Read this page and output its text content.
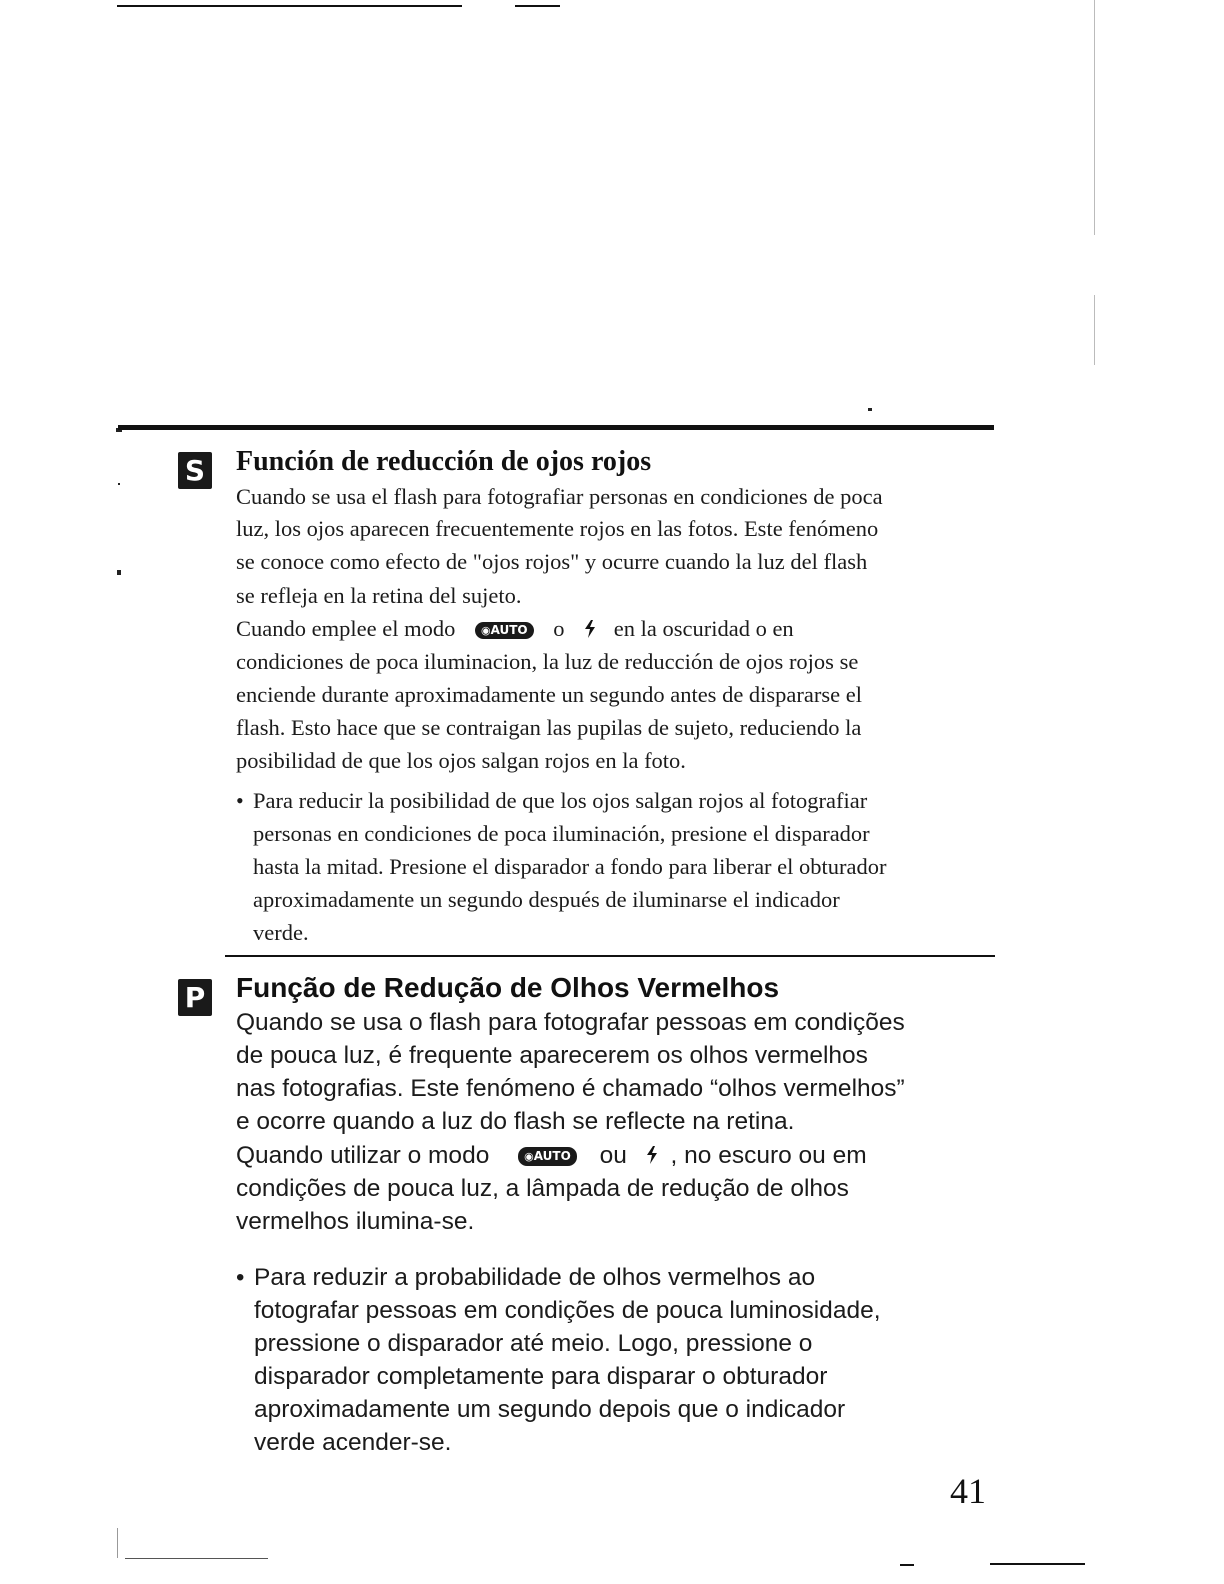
S Función de reducción de ojos rojos
Cuando se usa el flash para fotografiar personas en condiciones de poca
luz, los ojos aparecen frecuentemente rojos en las fotos. Este fenómeno
se conoce como efecto de "ojos rojos" y ocurre cuando la luz del flash
se refleja en la retina del sujeto.
Cuando emplee el modo ◉AUTO o en la oscuridad o en
condiciones de poca iluminacion, la luz de reducción de ojos rojos se
enciende durante aproximadamente un segundo antes de dispararse el
flash. Esto hace que se contraigan las pupilas de sujeto, reduciendo la
posibilidad de que los ojos salgan rojos en la foto.
• Para reducir la posibilidad de que los ojos salgan rojos al fotografiar
personas en condiciones de poca iluminación, presione el disparador
hasta la mitad. Presione el disparador a fondo para liberar el obturador
aproximadamente un segundo después de iluminarse el indicador
verde.
P Função de Redução de Olhos Vermelhos
Quando se usa o flash para fotografar pessoas em condições
de pouca luz, é frequente aparecerem os olhos vermelhos
nas fotografias. Este fenómeno é chamado “olhos vermelhos”
e ocorre quando a luz do flash se reflecte na retina.
Quando utilizar o modo	◉AUTO ou , no escuro ou em
condições de pouca luz, a lâmpada de redução de olhos
vermelhos ilumina-se.
• Para reduzir a probabilidade de olhos vermelhos ao
fotografar pessoas em condições de pouca luminosidade,
pressione o disparador até meio. Logo, pressione o
disparador completamente para disparar o obturador
aproximadamente um segundo depois que o indicador
verde acender-se.
41
